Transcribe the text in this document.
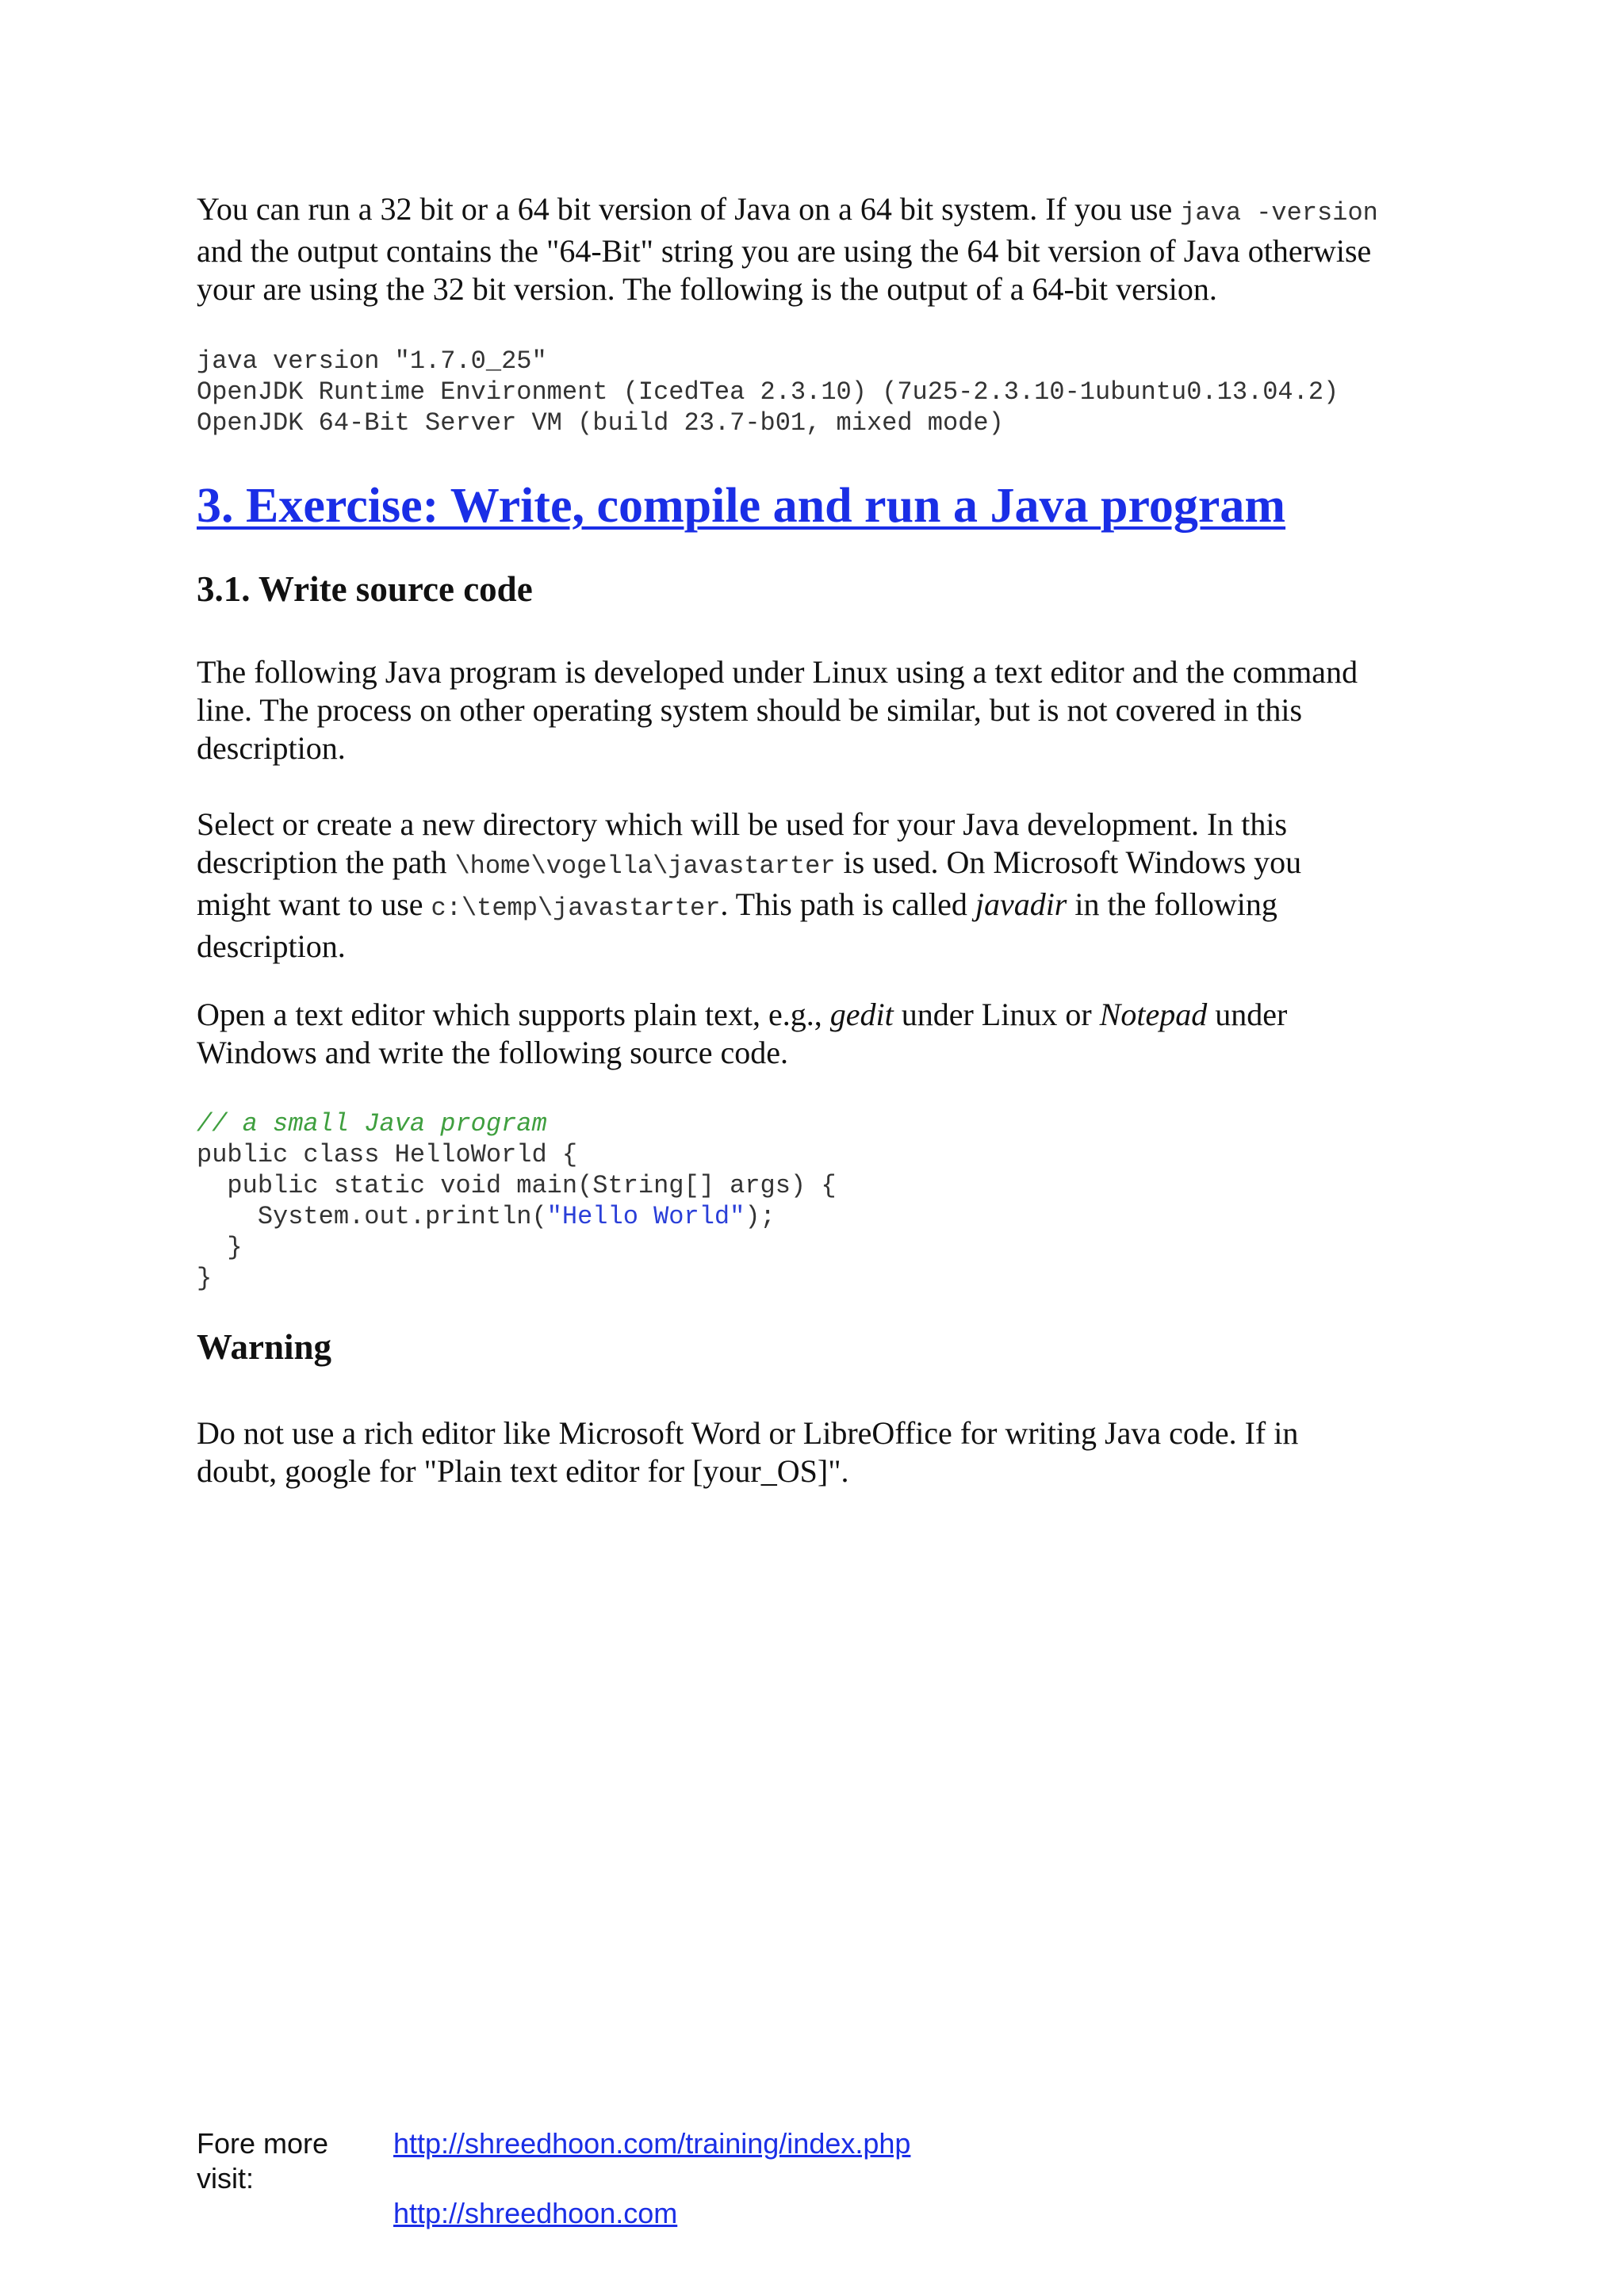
You can run a 32 bit or a 64 bit version of Java on a 64 bit system. If you use java -version
and the output contains the "64-Bit" string you are using the 64 bit version of Java otherwise
your are using the 32 bit version. The following is the output of a 64-bit version.

java version "1.7.0_25"
OpenJDK Runtime Environment (IcedTea 2.3.10) (7u25-2.3.10-1ubuntu0.13.04.2)
OpenJDK 64-Bit Server VM (build 23.7-b01, mixed mode)
3. Exercise: Write, compile and run a Java program
3.1. Write source code

The following Java program is developed under Linux using a text editor and the command
line. The process on other operating system should be similar, but is not covered in this
description.

Select or create a new directory which will be used for your Java development. In this
description the path \home\vogella\javastarter is used. On Microsoft Windows you
might want to use c:\temp\javastarter. This path is called javadir in the following
description.

Open a text editor which supports plain text, e.g., gedit under Linux or Notepad under
Windows and write the following source code.

// a small Java program
public class HelloWorld {
public static void main(String[] args) {
System.out.println("Hello World");
}
}
Warning

Do not use a rich editor like Microsoft Word or LibreOffice for writing Java code. If in
doubt, google for "Plain text editor for [your_OS]".

Fore more visit:
http://shreedhoon.com/training/index.php
http://shreedhoon.com
